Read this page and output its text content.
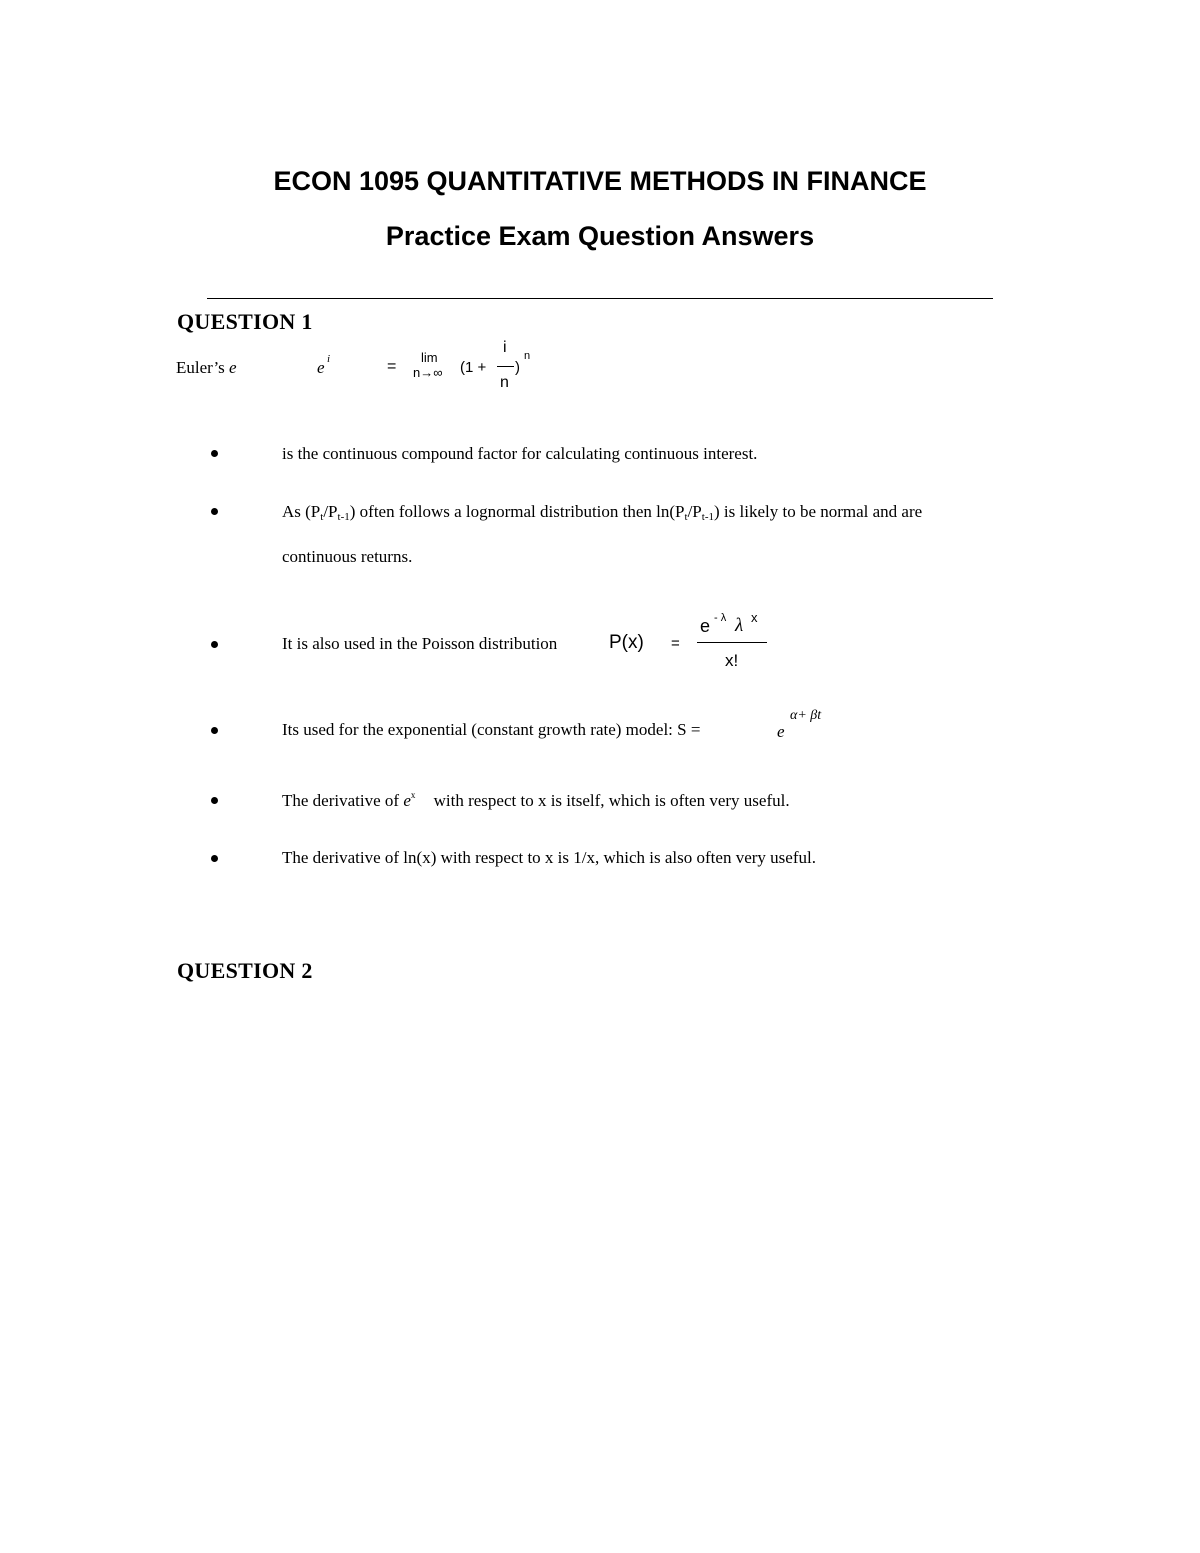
ECON 1095 QUANTITATIVE METHODS IN FINANCE
Practice Exam Question Answers
QUESTION 1
Euler’s e	e i	=
lim
n→∞ (1 +
i
n
)
n
is the continuous compound factor for calculating continuous interest.
As $(P_t/P_{t-1})$ often follows a lognormal distribution then $\ln(P_t/P_{t-1})$ is likely to be normal and are
continuous returns.
It is also used in the Poisson distribution	P(x) =
e - λ λ x
x!
Its used for the exponential (constant growth rate) model: S =	e
α+ βt
The derivative of $e^x$ with respect to x is itself, which is often very useful.
The derivative of ln(x) with respect to x is 1/x, which is also often very useful.
QUESTION 2
